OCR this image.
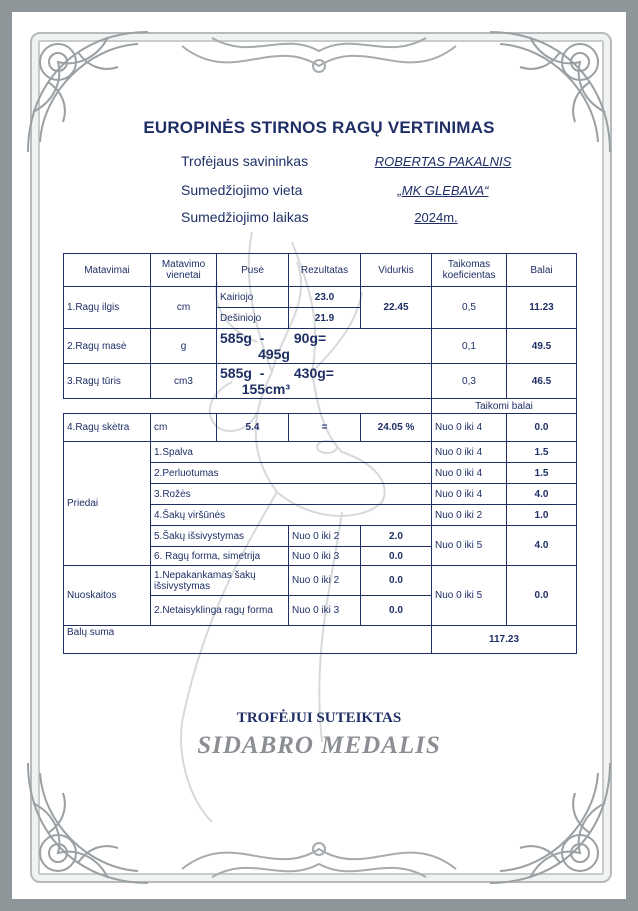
EUROPINĖS STIRNOS RAGŲ VERTINIMAS
Trofėjaus savininkas	ROBERTAS PAKALNIS
Sumedžiojimo vieta	„MK GLEBAVA“
Sumedžiojimo laikas	2024m.
Matavimai	Matavimo vienetai	Pusė	Rezultatas	Vidurkis	Taikomas koeficientas	Balai
1.Ragų ilgis	cm	Kairiojo	23.0	22.45	0,5	11.23
		Dešiniojo	21.9			
2.Ragų masė	g	585g  - 90g= 495g			0,1	49.5
3.Ragų tūris	cm3	585g  - 430g= 155cm³			0,3	46.5
					Taikomi balai	
4.Ragų skėtra	cm	5.4	=	24.05 %	Nuo 0 iki 4	0.0
Priedai	1.Spalva				Nuo 0 iki 4	1.5
	2.Perluotumas				Nuo 0 iki 4	1.5
	3.Rožės				Nuo 0 iki 4	4.0
	4.Šakų viršūnės				Nuo 0 iki 2	1.0
	5.Šakų išsivystymas		Nuo 0 iki 2	2.0	Nuo 0 iki 5	4.0
	6. Ragų forma, simetrija		Nuo 0 iki 3	0.0		
Nuoskaitos	1.Nepakankamas šakų išsivystymas		Nuo 0 iki 2	0.0	Nuo 0 iki 5	0.0
	2.Netaisyklinga ragų forma		Nuo 0 iki 3	0.0		
Balų suma					117.23	
TROFĖJUI SUTEIKTAS
SIDABRO MEDALIS
